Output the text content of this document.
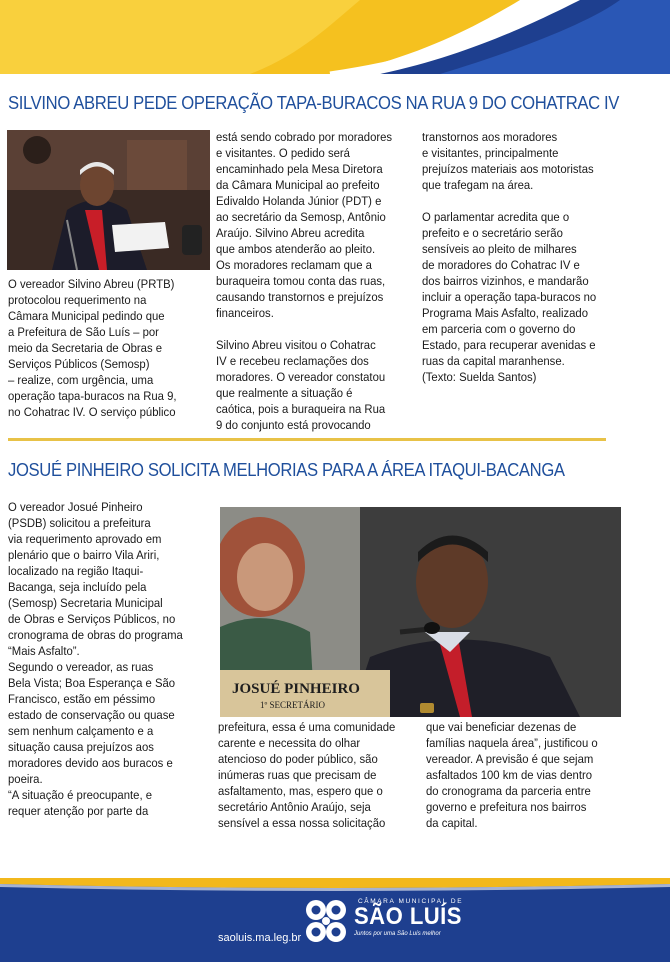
SILVINO ABREU PEDE OPERAÇÃO TAPA-BURACOS NA RUA 9 DO COHATRAC IV

O vereador Silvino Abreu (PRTB)
protocolou requerimento na
Câmara Municipal pedindo que
a Prefeitura de São Luís – por
meio da Secretaria de Obras e
Serviços Públicos (Semosp)
– realize, com urgência, uma
operação tapa-buracos na Rua 9,
no Cohatrac IV. O serviço público

está sendo cobrado por moradores
e visitantes. O pedido será
encaminhado pela Mesa Diretora
da Câmara Municipal ao prefeito
Edivaldo Holanda Júnior (PDT) e
ao secretário da Semosp, Antônio
Araújo. Silvino Abreu acredita
que ambos atenderão ao pleito.
Os moradores reclamam que a
buraqueira tomou conta das ruas,
causando transtornos e prejuízos
financeiros.

Silvino Abreu visitou o Cohatrac
IV e recebeu reclamações dos
moradores. O vereador constatou
que realmente a situação é
caótica, pois a buraqueira na Rua
9 do conjunto está provocando

transtornos aos moradores
e visitantes, principalmente
prejuízos materiais aos motoristas
que trafegam na área.

O parlamentar acredita que o
prefeito e o secretário serão
sensíveis ao pleito de milhares
de moradores do Cohatrac IV e
dos bairros vizinhos, e mandarão
incluir a operação tapa-buracos no
Programa Mais Asfalto, realizado
em parceria com o governo do
Estado, para recuperar avenidas e
ruas da capital maranhense.
(Texto: Suelda Santos)

JOSUÉ PINHEIRO SOLICITA MELHORIAS PARA A ÁREA ITAQUI-BACANGA

O vereador Josué Pinheiro
(PSDB) solicitou a prefeitura
via requerimento aprovado em
plenário que o bairro Vila Ariri,
localizado na região Itaqui-
Bacanga, seja incluído pela
(Semosp) Secretaria Municipal
de Obras e Serviços Públicos, no
cronograma de obras do programa
“Mais Asfalto”.
Segundo o vereador, as ruas
Bela Vista; Boa Esperança e São
Francisco, estão em péssimo
estado de conservação ou quase
sem nenhum calçamento e a
situação causa prejuízos aos
moradores devido aos buracos e
poeira.
“A situação é preocupante, e
requer atenção por parte da

JOSUÉ PINHEIRO
1º SECRETÁRIO

prefeitura, essa é uma comunidade
carente e necessita do olhar
atencioso do poder público, são
inúmeras ruas que precisam de
asfaltamento, mas, espero que o
secretário Antônio Araújo, seja
sensível a essa nossa solicitação

que vai beneficiar dezenas de
famílias naquela área”, justificou o
vereador. A previsão é que sejam
asfaltados 100 km de vias dentro
do cronograma da parceria entre
governo e prefeitura nos bairros
da capital.

saoluis.ma.leg.br
CÂMARA MUNICIPAL DE
SÃO LUÍS
Juntos por uma São Luís melhor
